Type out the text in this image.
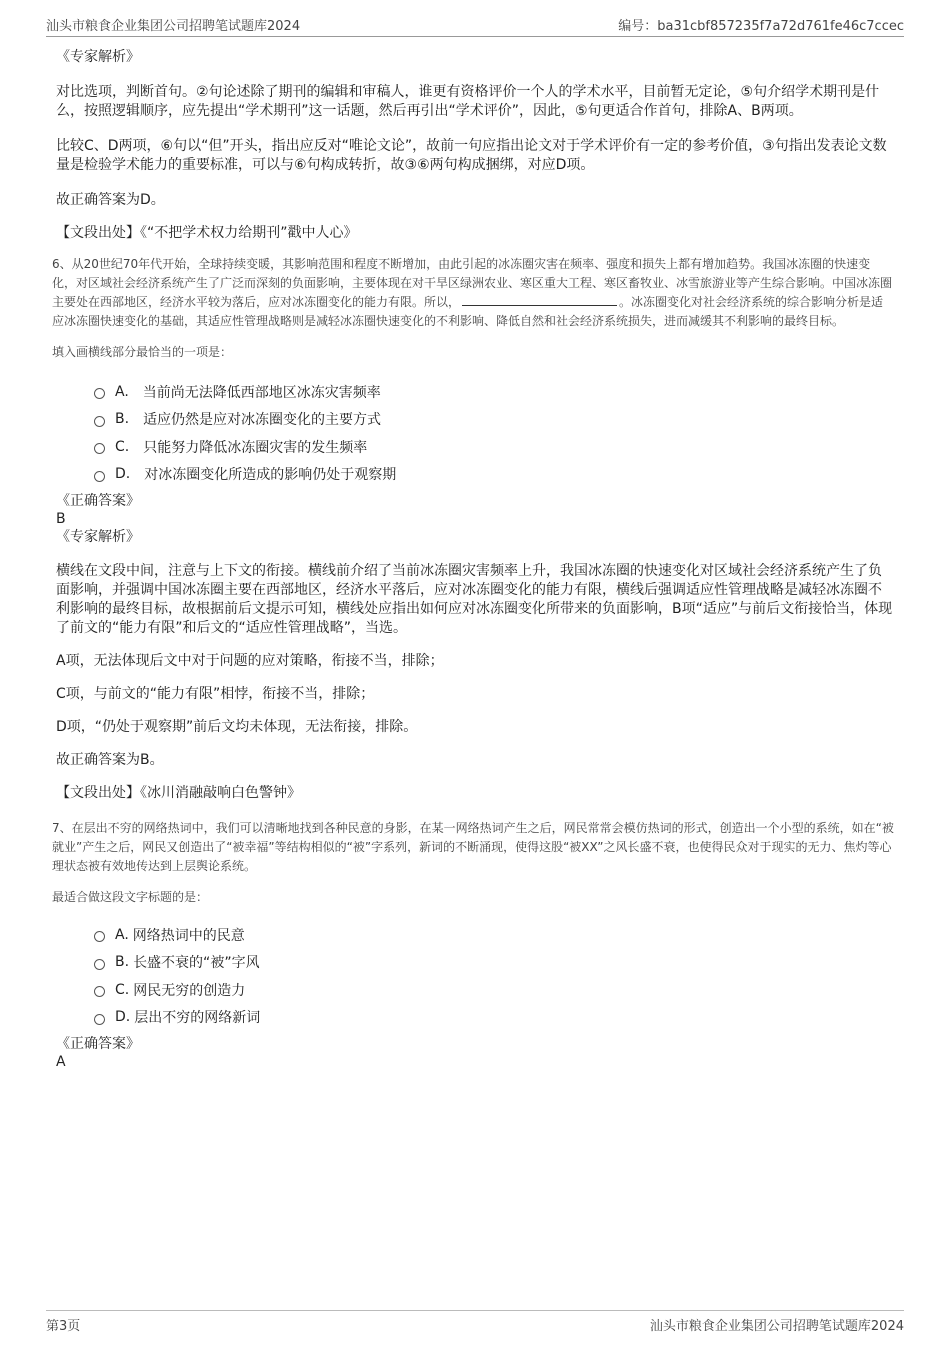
汕头市粮食企业集团公司招聘笔试题库2024	编号：ba31cbf857235f7a72d761fe46c7ccec

《专家解析》

对比选项，判断首句。②句论述除了期刊的编辑和审稿人，谁更有资格评价一个人的学术水平，目前暂无定论，⑤句介绍学术期刊是什么，按照逻辑顺序，应先提出“学术期刊”这一话题，然后再引出“学术评价”，因此，⑤句更适合作首句，排除A、B两项。

比较C、D两项，⑥句以“但”开头，指出应反对“唯论文论”，故前一句应指出论文对于学术评价有一定的参考价值，③句指出发表论文数量是检验学术能力的重要标准，可以与⑥句构成转折，故③⑥两句构成捆绑，对应D项。

故正确答案为D。

【文段出处】《“不把学术权力给期刊”戳中人心》

6、从20世纪70年代开始，全球持续变暖，其影响范围和程度不断增加，由此引起的冰冻圈灾害在频率、强度和损失上都有增加趋势。我国冰冻圈的快速变化，对区域社会经济系统产生了广泛而深刻的负面影响，主要体现在对干旱区绿洲农业、寒区重大工程、寒区畜牧业、冰雪旅游业等产生综合影响。中国冰冻圈主要处在西部地区，经济水平较为落后，应对冰冻圈变化的能力有限。所以，	。冰冻圈变化对社会经济系统的综合影响分析是适应冰冻圈快速变化的基础，其适应性管理战略则是减轻冰冻圈快速变化的不利影响、降低自然和社会经济系统损失，进而减缓其不利影响的最终目标。

填入画横线部分最恰当的一项是：

A. 当前尚无法降低西部地区冰冻灾害频率
B. 适应仍然是应对冰冻圈变化的主要方式
C. 只能努力降低冰冻圈灾害的发生频率
D. 对冰冻圈变化所造成的影响仍处于观察期

《正确答案》

B

《专家解析》

横线在文段中间，注意与上下文的衔接。横线前介绍了当前冰冻圈灾害频率上升，我国冰冻圈的快速变化对区域社会经济系统产生了负面影响，并强调中国冰冻圈主要在西部地区，经济水平落后，应对冰冻圈变化的能力有限，横线后强调适应性管理战略是减轻冰冻圈不利影响的最终目标，故根据前后文提示可知，横线处应指出如何应对冰冻圈变化所带来的负面影响，B项“适应”与前后文衔接恰当，体现了前文的“能力有限”和后文的“适应性管理战略”，当选。

A项，无法体现后文中对于问题的应对策略，衔接不当，排除；

C项，与前文的“能力有限”相悖，衔接不当，排除；

D项，“仍处于观察期”前后文均未体现，无法衔接，排除。

故正确答案为B。

【文段出处】《冰川消融敲响白色警钟》

7、在层出不穷的网络热词中，我们可以清晰地找到各种民意的身影，在某一网络热词产生之后，网民常常会模仿热词的形式，创造出一个小型的系统，如在“被就业”产生之后，网民又创造出了“被幸福”等结构相似的“被”字系列，新词的不断涌现，使得这股“被XX”之风长盛不衰，也使得民众对于现实的无力、焦灼等心理状态被有效地传达到上层舆论系统。

最适合做这段文字标题的是：

A. 网络热词中的民意
B. 长盛不衰的“被”字风
C. 网民无穷的创造力
D. 层出不穷的网络新词

《正确答案》

A

第3页	汕头市粮食企业集团公司招聘笔试题库2024
